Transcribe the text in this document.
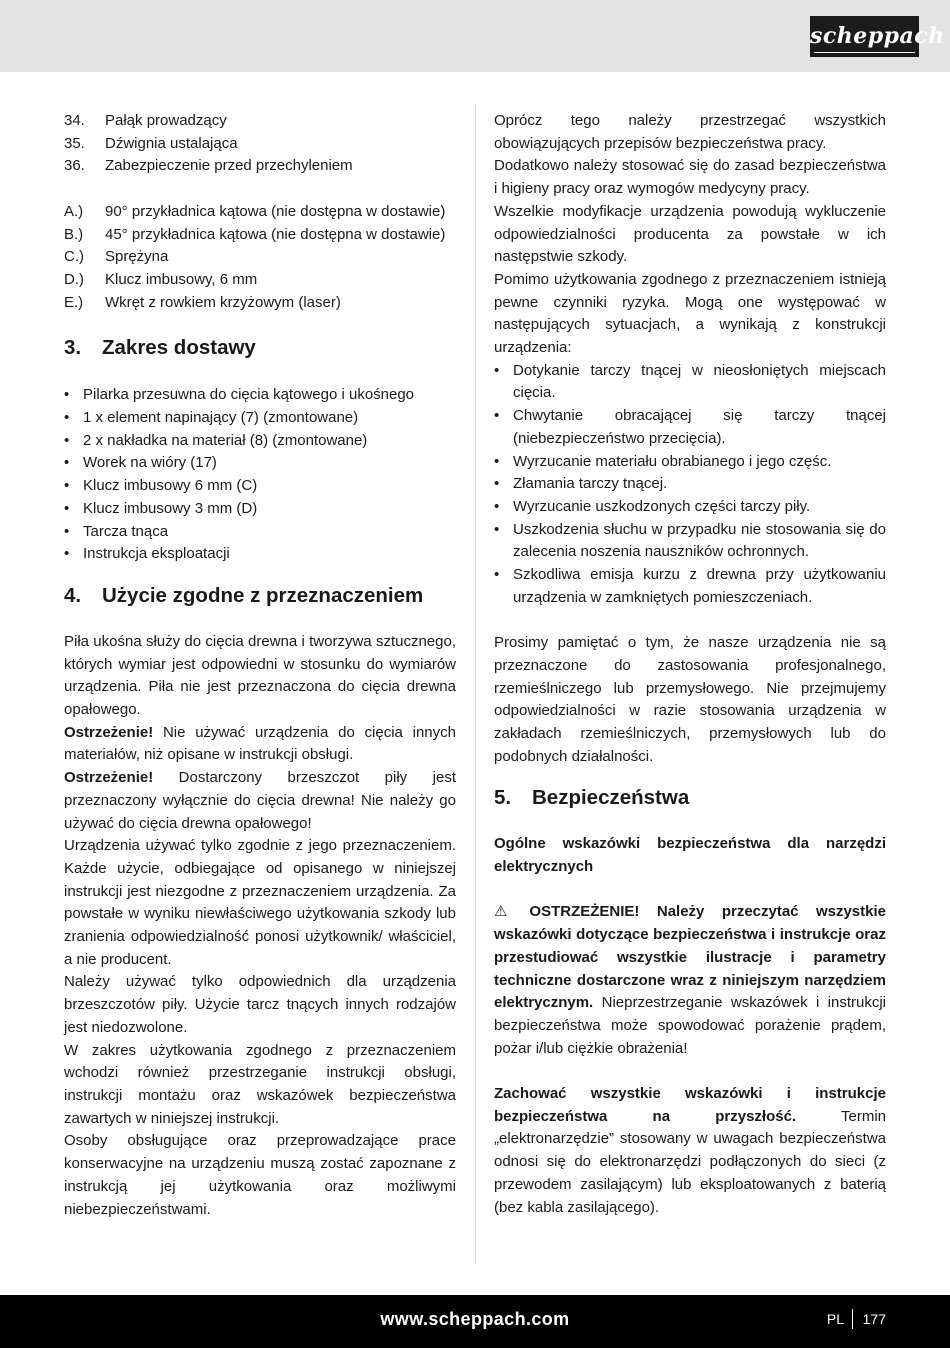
scheppach
34.	Pałąk prowadzący
35.	Dźwignia ustalająca
36.	Zabezpieczenie przed przechyleniem
A.)	90° przykładnica kątowa (nie dostępna w dostawie)
B.)	45° przykładnica kątowa (nie dostępna w dostawie)
C.)	Sprężyna
D.)	Klucz imbusowy, 6 mm
E.)	Wkręt z rowkiem krzyżowym (laser)
3.	Zakres dostawy
• Pilarka przesuwna do cięcia kątowego i ukośnego
• 1 x element napinający (7) (zmontowane)
• 2 x nakładka na materiał (8) (zmontowane)
• Worek na wióry (17)
• Klucz imbusowy 6 mm (C)
• Klucz imbusowy 3 mm (D)
• Tarcza tnąca
• Instrukcja eksploatacji
4.	Użycie zgodne z przeznaczeniem

Piła ukośna służy do cięcia drewna i tworzywa sztucznego, których wymiar jest odpowiedni w stosunku do wymiarów urządzenia. Piła nie jest przeznaczona do cięcia drewna opałowego.

Ostrzeżenie! Nie używać urządzenia do cięcia innych materiałów, niż opisane w instrukcji obsługi.

Ostrzeżenie! Dostarczony brzeszczot piły jest przeznaczony wyłącznie do cięcia drewna! Nie należy go używać do cięcia drewna opałowego!

Urządzenia używać tylko zgodnie z jego przeznaczeniem. Każde użycie, odbiegające od opisanego w niniejszej instrukcji jest niezgodne z przeznaczeniem urządzenia. Za powstałe w wyniku niewłaściwego użytkowania szkody lub zranienia odpowiedzialność ponosi użytkownik/ właściciel, a nie producent.

Należy używać tylko odpowiednich dla urządzenia brzeszczotów piły. Użycie tarcz tnących innych rodzajów jest niedozwolone.

W zakres użytkowania zgodnego z przeznaczeniem wchodzi również przestrzeganie instrukcji obsługi, instrukcji montażu oraz wskazówek bezpieczeństwa zawartych w niniejszej instrukcji.

Osoby obsługujące oraz przeprowadzające prace konserwacyjne na urządzeniu muszą zostać zapoznane z instrukcją jej użytkowania oraz możliwymi niebezpieczeństwami.

Oprócz tego należy przestrzegać wszystkich obowiązujących przepisów bezpieczeństwa pracy.

Dodatkowo należy stosować się do zasad bezpieczeństwa i higieny pracy oraz wymogów medycyny pracy.

Wszelkie modyfikacje urządzenia powodują wykluczenie odpowiedzialności producenta za powstałe w ich następstwie szkody.

Pomimo użytkowania zgodnego z przeznaczeniem istnieją pewne czynniki ryzyka. Mogą one występować w następujących sytuacjach, a wynikają z konstrukcji urządzenia:

• Dotykanie tarczy tnącej w nieosłoniętych miejscach cięcia.
• Chwytanie obracającej się tarczy tnącej (niebezpieczeństwo przecięcia).
• Wyrzucanie materiału obrabianego i jego częśc.
• Złamania tarczy tnącej.
• Wyrzucanie uszkodzonych części tarczy piły.
• Uszkodzenia słuchu w przypadku nie stosowania się do zalecenia noszenia nauszników ochronnych.
• Szkodliwa emisja kurzu z drewna przy użytkowaniu urządzenia w zamkniętych pomieszczeniach.

Prosimy pamiętać o tym, że nasze urządzenia nie są przeznaczone do zastosowania profesjonalnego, rzemieślniczego lub przemysłowego. Nie przejmujemy odpowiedzialności w razie stosowania urządzenia w zakładach rzemieślniczych, przemysłowych lub do podobnych działalności.

5.	Bezpieczeństwa

Ogólne wskazówki bezpieczeństwa dla narzędzi elektrycznych

⚠ OSTRZEŻENIE! Należy przeczytać wszystkie wskazówki dotyczące bezpieczeństwa i instrukcje oraz przestudiować wszystkie ilustracje i parametry techniczne dostarczone wraz z niniejszym narzędziem elektrycznym. Nieprzestrzeganie wskazówek i instrukcji bezpieczeństwa może spowodować porażenie prądem, pożar i/lub ciężkie obrażenia!

Zachować wszystkie wskazówki i instrukcje bezpieczeństwa na przyszłość. Termin „elektronarzędzie” stosowany w uwagach bezpieczeństwa odnosi się do elektronarzędzi podłączonych do sieci (z przewodem zasilającym) lub eksploatowanych z baterią (bez kabla zasilającego).

www.scheppach.com	PL 177
